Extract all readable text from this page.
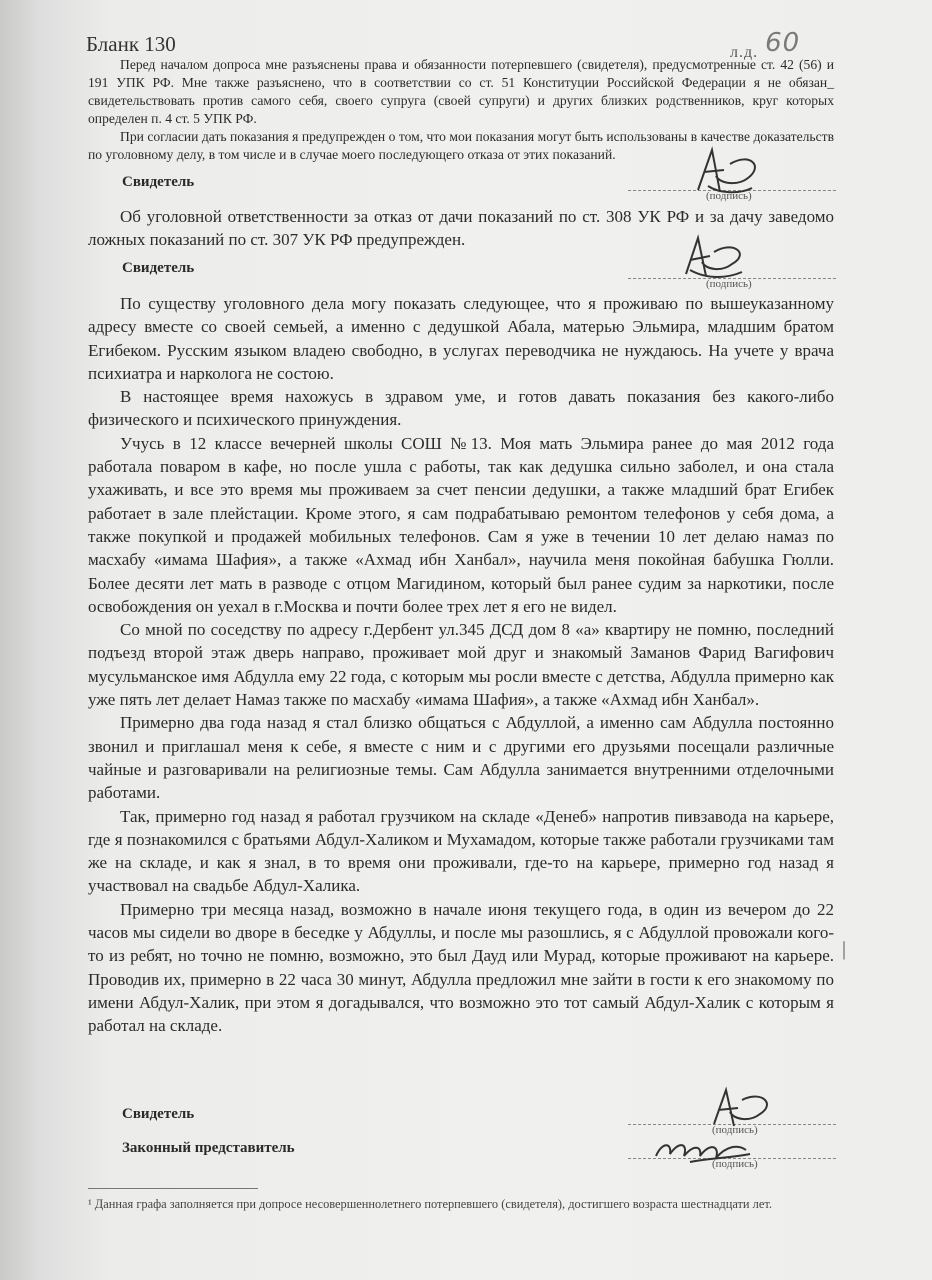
Бланк 130	л.д. 60

Перед началом допроса мне разъяснены права и обязанности потерпевшего (свидетеля), предусмотренные ст. 42 (56) и 191 УПК РФ. Мне также разъяснено, что в соответствии со ст. 51 Конституции Российской Федерации я не обязан_ свидетельствовать против самого себя, своего супруга (своей супруги) и других близких родственников, круг которых определен п. 4 ст. 5 УПК РФ.

При согласии дать показания я предупрежден о том, что мои показания могут быть использованы в качестве доказательств по уголовному делу, в том числе и в случае моего последующего отказа от этих показаний.

Свидетель
(подпись)

Об уголовной ответственности за отказ от дачи показаний по ст. 308 УК РФ и за дачу заведомо ложных показаний по ст. 307 УК РФ предупрежден.

Свидетель
(подпись)

По существу уголовного дела могу показать следующее, что я проживаю по вышеуказанному адресу вместе со своей семьей, а именно с дедушкой Абала, матерью Эльмира, младшим братом Егибеком. Русским языком владею свободно, в услугах переводчика не нуждаюсь. На учете у врача психиатра и нарколога не состою.

В настоящее время нахожусь в здравом уме, и готов давать показания без какого-либо физического и психического принуждения.

Учусь в 12 классе вечерней школы СОШ №13. Моя мать Эльмира ранее до мая 2012 года работала поваром в кафе, но после ушла с работы, так как дедушка сильно заболел, и она стала ухаживать, и все это время мы проживаем за счет пенсии дедушки, а также младший брат Егибек работает в зале плейстации. Кроме этого, я сам подрабатываю ремонтом телефонов у себя дома, а также покупкой и продажей мобильных телефонов. Сам я уже в течении 10 лет делаю намаз по масхабу «имама Шафия», а также «Ахмад ибн Ханбал», научила меня покойная бабушка Гюлли. Более десяти лет мать в разводе с отцом Магидином, который был ранее судим за наркотики, после освобождения он уехал в г.Москва и почти более трех лет я его не видел.

Со мной по соседству по адресу г.Дербент ул.345 ДСД дом 8 «а» квартиру не помню, последний подъезд второй этаж дверь направо, проживает мой друг и знакомый Заманов Фарид Вагифович мусульманское имя Абдулла ему 22 года, с которым мы росли вместе с детства, Абдулла примерно как уже пять лет делает Намаз также по масхабу «имама Шафия», а также «Ахмад ибн Ханбал».

Примерно два года назад я стал близко общаться с Абдуллой, а именно сам Абдулла постоянно звонил и приглашал меня к себе, я вместе с ним и с другими его друзьями посещали различные чайные и разговаривали на религиозные темы. Сам Абдулла занимается внутренними отделочными работами.

Так, примерно год назад я работал грузчиком на складе «Денеб» напротив пивзавода на карьере, где я познакомился с братьями Абдул-Халиком и Мухамадом, которые также работали грузчиками там же на складе, и как я знал, в то время они проживали, где-то на карьере, примерно год назад я участвовал на свадьбе Абдул-Халика.

Примерно три месяца назад, возможно в начале июня текущего года, в один из вечером до 22 часов мы сидели во дворе в беседке у Абдуллы, и после мы разошлись, я с Абдуллой провожали кого-то из ребят, но точно не помню, возможно, это был Дауд или Мурад, которые проживают на карьере. Проводив их, примерно в 22 часа 30 минут, Абдулла предложил мне зайти в гости к его знакомому по имени Абдул-Халик, при этом я догадывался, что возможно это тот самый Абдул-Халик с которым я работал на складе.

|
Свидетель
(подпись)
Законный представитель
(подпись)
¹ Данная графа заполняется при допросе несовершеннолетнего потерпевшего (свидетеля), достигшего возраста шестнадцати лет.
